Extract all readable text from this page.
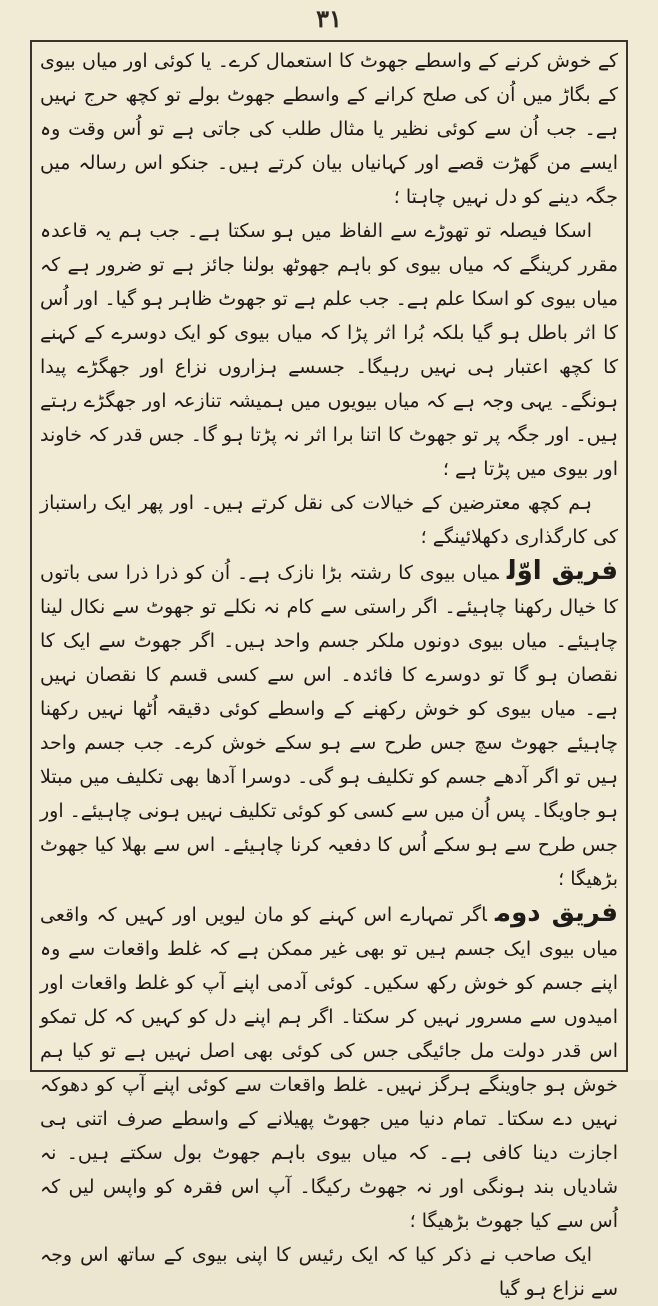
۳۱

کے خوش کرنے کے واسطے جھوٹ کا استعمال کرے۔ یا کوئی اور میاں بیوی کے بگاڑ میں اُن کی صلح کرانے کے واسطے جھوٹ بولے تو کچھ حرج نہیں ہے۔ جب اُن سے کوئی نظیر یا مثال طلب کی جاتی ہے تو اُس وقت وہ ایسے من گھڑت قصے اور کہانیاں بیان کرتے ہیں۔ جنکو اس رسالہ میں جگہ دینے کو دل نہیں چاہتا ؛

اسکا فیصلہ تو تھوڑے سے الفاظ میں ہو سکتا ہے۔ جب ہم یہ قاعدہ مقرر کرینگے کہ میاں بیوی کو باہم جھوٹھ بولنا جائز ہے تو ضرور ہے کہ میاں بیوی کو اسکا علم ہے۔ جب علم ہے تو جھوٹ ظاہر ہو گیا۔ اور اُس کا اثر باطل ہو گیا بلکہ بُرا اثر پڑا کہ میاں بیوی کو ایک دوسرے کے کہنے کا کچھ اعتبار ہی نہیں رہیگا۔ جسسے ہزاروں نزاع اور جھگڑے پیدا ہونگے۔ یہی وجہ ہے کہ میاں بیویوں میں ہمیشہ تنازعہ اور جھگڑے رہتے ہیں۔ اور جگہ پر تو جھوٹ کا اتنا برا اثر نہ پڑتا ہو گا۔ جس قدر کہ خاوند اور بیوی میں پڑتا ہے ؛

ہم کچھ معترضین کے خیالات کی نقل کرتے ہیں۔ اور پھر ایک راستباز کی کارگذاری دکھلائینگے ؛

فریق اوّلمیاں بیوی کا رشتہ بڑا نازک ہے۔ اُن کو ذرا ذرا سی باتوں کا خیال رکھنا چاہیئے۔ اگر راستی سے کام نہ نکلے تو جھوٹ سے نکال لینا چاہیئے۔ میاں بیوی دونوں ملکر جسم واحد ہیں۔ اگر جھوٹ سے ایک کا نقصان ہو گا تو دوسرے کا فائدہ۔ اس سے کسی قسم کا نقصان نہیں ہے۔ میاں بیوی کو خوش رکھنے کے واسطے کوئی دقیقہ اُٹھا نہیں رکھنا چاہیئے جھوٹ سچ جس طرح سے ہو سکے خوش کرے۔ جب جسم واحد ہیں تو اگر آدھے جسم کو تکلیف ہو گی۔ دوسرا آدھا بھی تکلیف میں مبتلا ہو جاویگا۔ پس اُن میں سے کسی کو کوئی تکلیف نہیں ہونی چاہیئے۔ اور جس طرح سے ہو سکے اُس کا دفعیہ کرنا چاہیئے۔ اس سے بھلا کیا جھوٹ بڑھیگا ؛

فریق دوماگر تمہارے اس کہنے کو مان لیویں اور کہیں کہ واقعی میاں بیوی ایک جسم ہیں تو بھی غیر ممکن ہے کہ غلط واقعات سے وہ اپنے جسم کو خوش رکھ سکیں۔ کوئی آدمی اپنے آپ کو غلط واقعات اور امیدوں سے مسرور نہیں کر سکتا۔ اگر ہم اپنے دل کو کہیں کہ کل تمکو اس قدر دولت مل جائیگی جس کی کوئی بھی اصل نہیں ہے تو کیا ہم خوش ہو جاوینگے ہرگز نہیں۔ غلط واقعات سے کوئی اپنے آپ کو دھوکہ نہیں دے سکتا۔ تمام دنیا میں جھوٹ پھیلانے کے واسطے صرف اتنی ہی اجازت دینا کافی ہے۔ کہ میاں بیوی باہم جھوٹ بول سکتے ہیں۔ نہ شادیاں بند ہونگی اور نہ جھوٹ رکیگا۔ آپ اس فقرہ کو واپس لیں کہ اُس سے کیا جھوٹ بڑھیگا ؛

ایک صاحب نے ذکر کیا کہ ایک رئیس کا اپنی بیوی کے ساتھ اس وجہ سے نزاع ہو گیا
